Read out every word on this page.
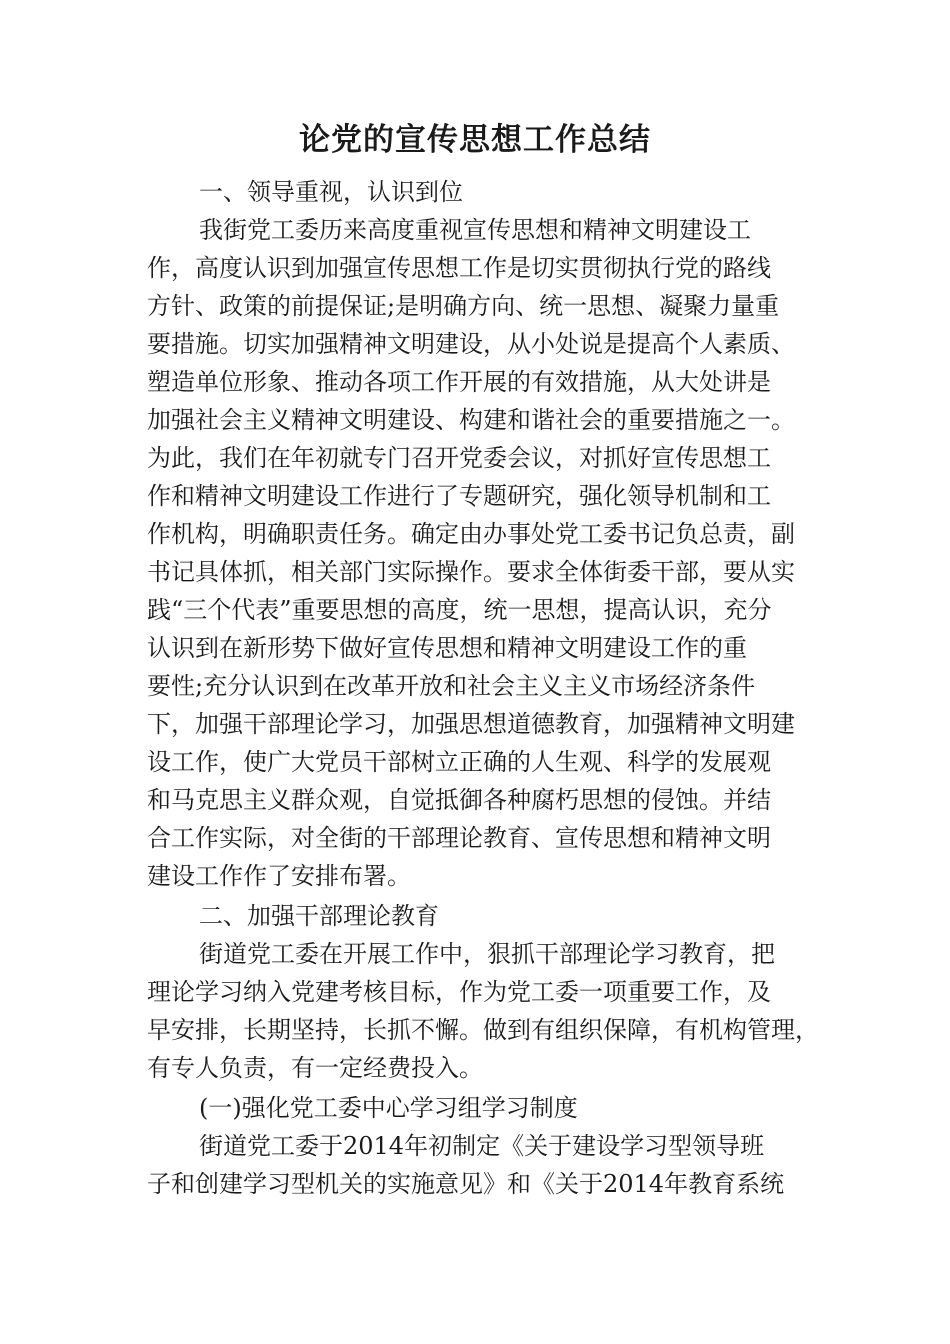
论党的宣传思想工作总结
一、领导重视，认识到位
我街党工委历来高度重视宣传思想和精神文明建设工
作，高度认识到加强宣传思想工作是切实贯彻执行党的路线
方针、政策的前提保证;是明确方向、统一思想、凝聚力量重
要措施。切实加强精神文明建设，从小处说是提高个人素质、
塑造单位形象、推动各项工作开展的有效措施，从大处讲是
加强社会主义精神文明建设、构建和谐社会的重要措施之一。
为此，我们在年初就专门召开党委会议，对抓好宣传思想工
作和精神文明建设工作进行了专题研究，强化领导机制和工
作机构，明确职责任务。确定由办事处党工委书记负总责，副
书记具体抓，相关部门实际操作。要求全体街委干部，要从实
践“三个代表”重要思想的高度，统一思想，提高认识，充分
认识到在新形势下做好宣传思想和精神文明建设工作的重
要性;充分认识到在改革开放和社会主义主义市场经济条件
下，加强干部理论学习，加强思想道德教育，加强精神文明建
设工作，使广大党员干部树立正确的人生观、科学的发展观
和马克思主义群众观，自觉抵御各种腐朽思想的侵蚀。并结
合工作实际，对全街的干部理论教育、宣传思想和精神文明
建设工作作了安排布署。
二、加强干部理论教育
街道党工委在开展工作中，狠抓干部理论学习教育，把
理论学习纳入党建考核目标，作为党工委一项重要工作，及
早安排，长期坚持，长抓不懈。做到有组织保障，有机构管理，
有专人负责，有一定经费投入。
(一)强化党工委中心学习组学习制度
街道党工委于2014年初制定《关于建设学习型领导班
子和创建学习型机关的实施意见》和《关于2014年教育系统
